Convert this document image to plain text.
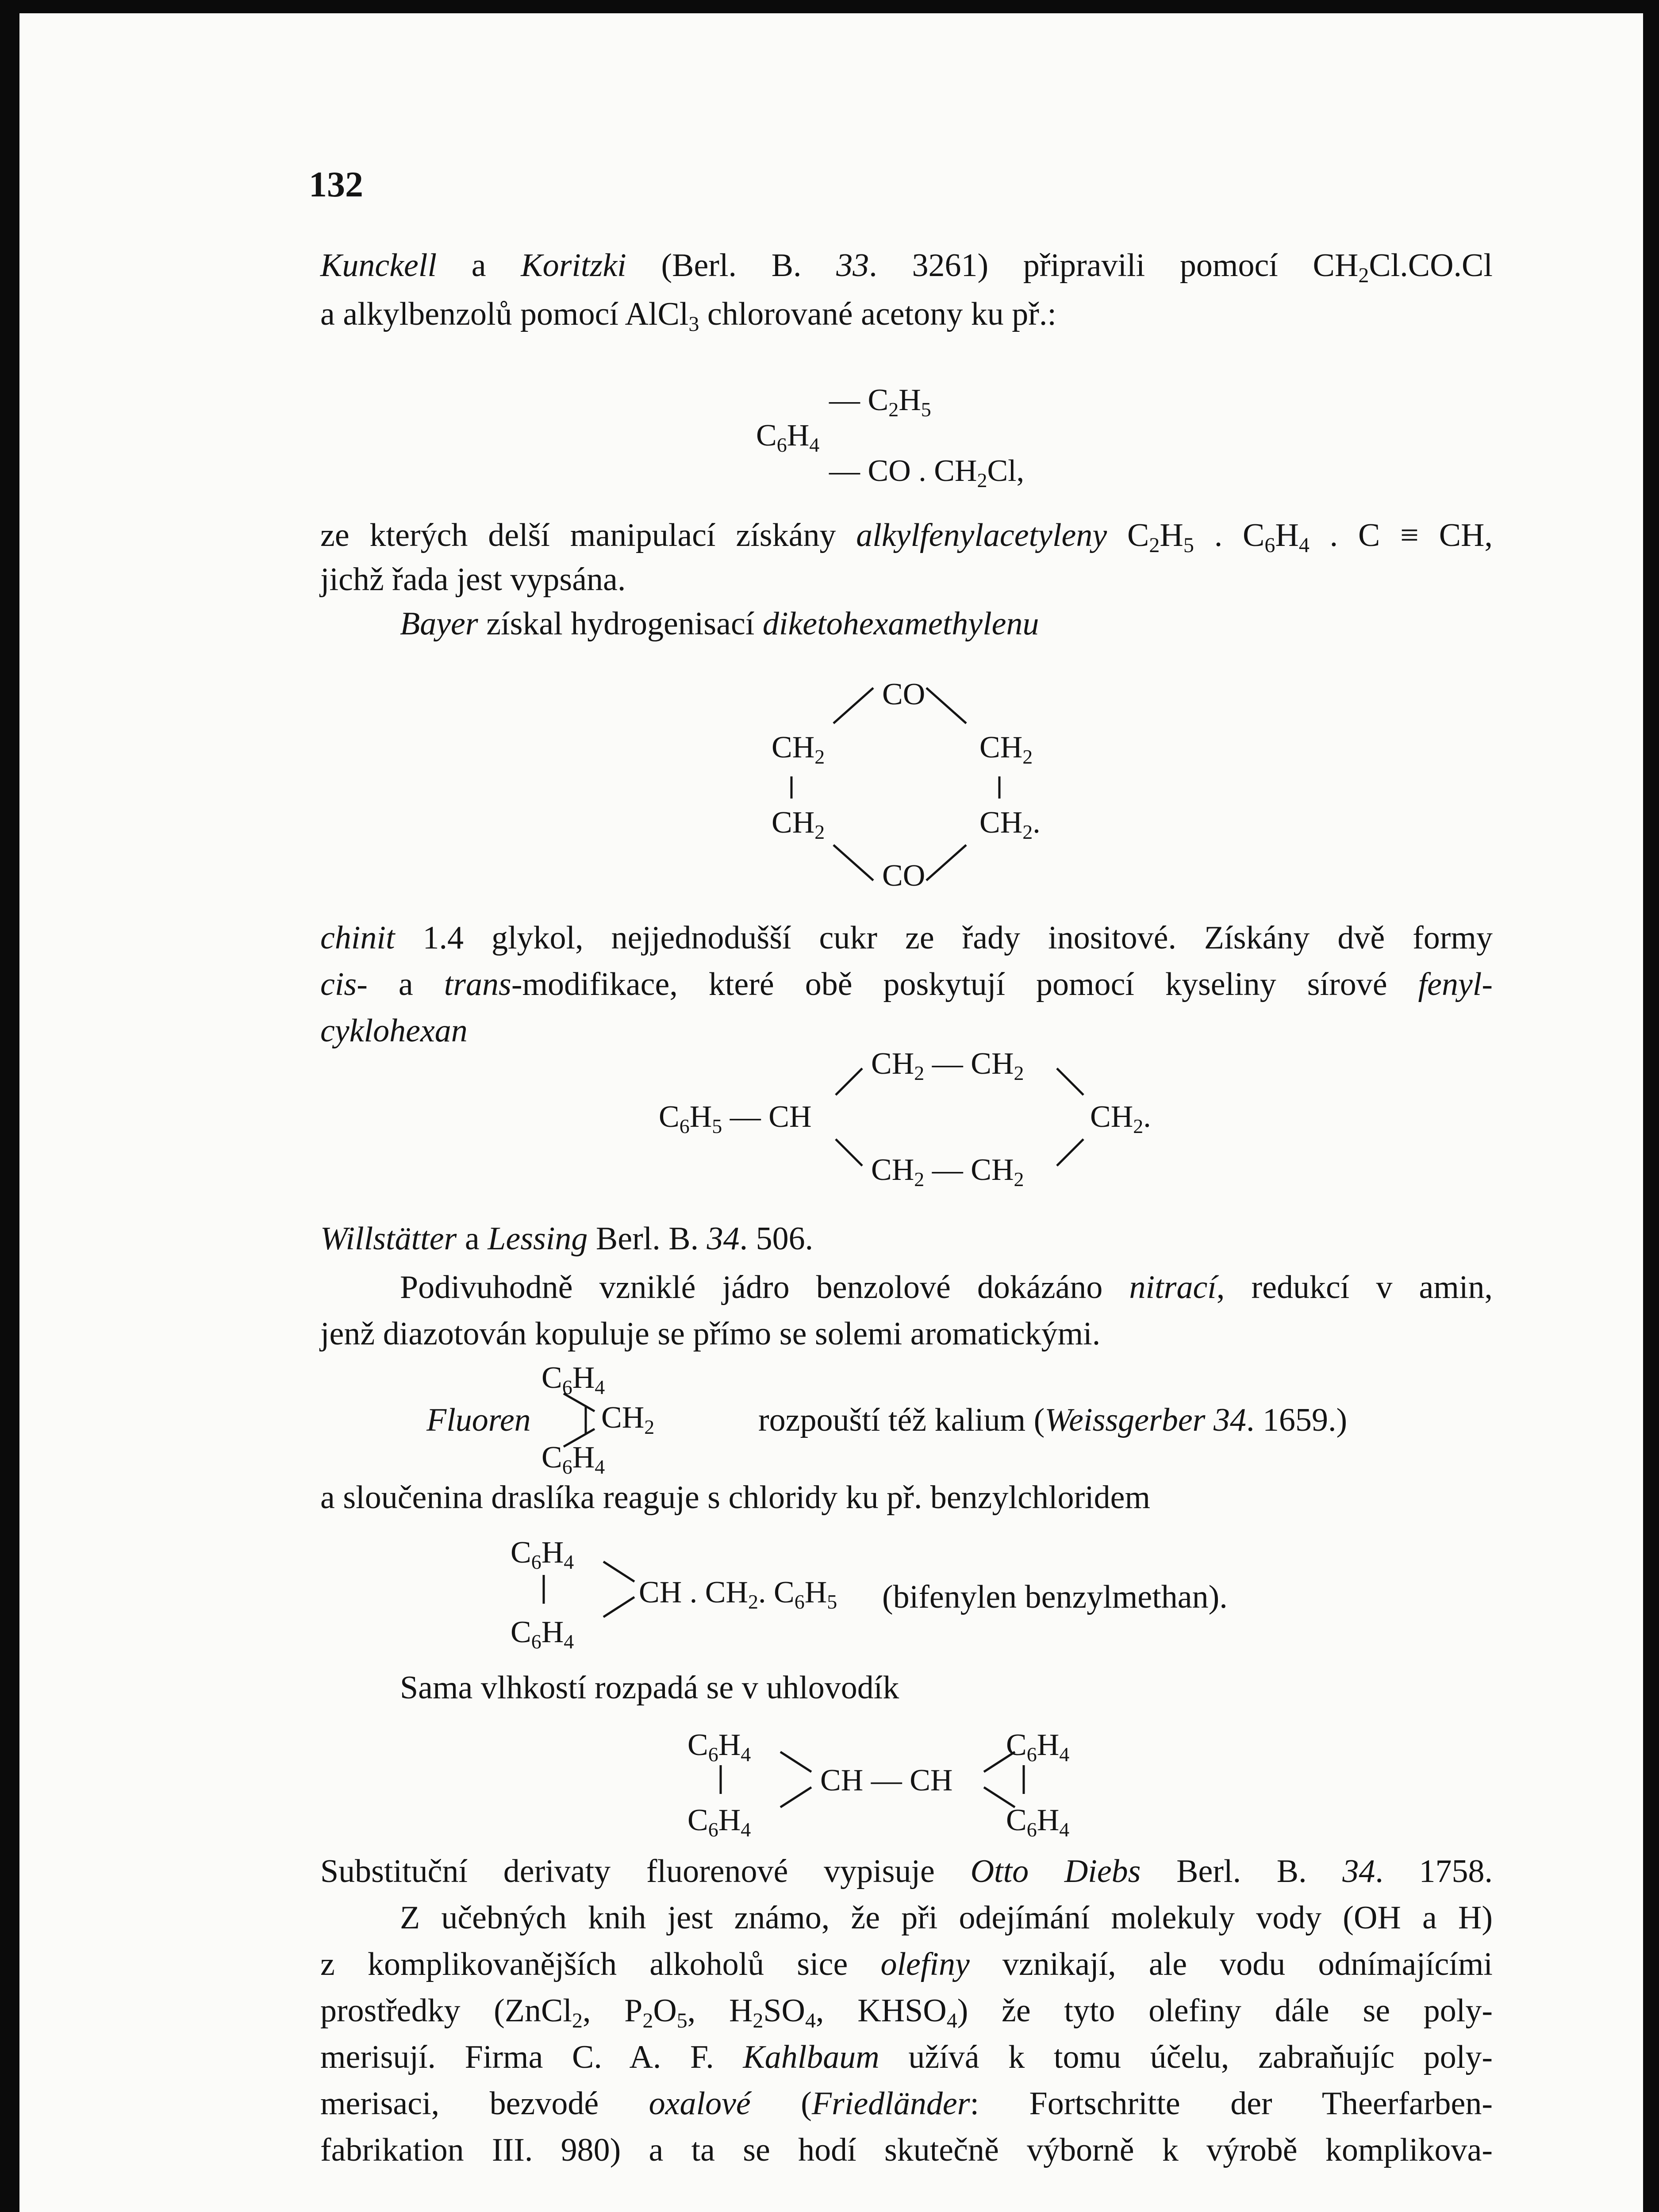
132
Kunckell a Koritzki (Berl. B. 33. 3261) připravili pomocí $CH_2Cl.CO.Cl$
a alkylbenzolů pomocí AlCl$_3$ chlorované acetony ku př.:
ze kterých delší manipulací získány alkylfenylacetyleny $C_2H_5$ . $C_6H_4$ . C ≡ CH,
jichž řada jest vypsána.
Bayer získal hydrogenisací diketohexamethylenu
chinit 1.4 glykol, nejjednodušší cukr ze řady inositové. Získány dvě formy
cis- a trans-modifikace, které obě poskytují pomocí kyseliny sírové fenyl-
cyklohexan
Willstätter a Lessing Berl. B. 34. 506.
Podivuhodně vzniklé jádro benzolové dokázáno nitrací, redukcí v amin,
jenž diazotován kopuluje se přímo se solemi aromatickými.
Fluoren	rozpouští též kalium (Weissgerber 34. 1659.)
a sloučenina draslíka reaguje s chloridy ku př. benzylchloridem
(bifenylen benzylmethan).
Sama vlhkostí rozpadá se v uhlovodík
Substituční derivaty fluorenové vypisuje Otto Diebs Berl. B. 34. 1758.
Z učebných knih jest známo, že při odejímání molekuly vody (OH a H)
z komplikovanějších alkoholů sice olefiny vznikají, ale vodu odnímajícími
prostředky (ZnCl$_2$, $P_2O_5$, $H_2SO_4$, $KHSO_4$) že tyto olefiny dále se poly-
merisují. Firma C. A. F. Kahlbaum užívá k tomu účelu, zabraňujíc poly-
merisaci, bezvodé oxalové (Friedländer: Fortschritte der Theerfarben-
fabrikation III. 980) a ta se hodí skutečně výborně k výrobě komplikova-
— $C_2H_5$
$C_6H_4$
— CO . $CH_2Cl$,
CO
$CH_2$	$CH_2$
$CH_2$	$CH_2$.
CO
$CH_2$ — $CH_2$
$C_6H_5$ — CH	$CH_2$.
$CH_2$ — $CH_2$
$C_6H_4$
$CH_2$
$C_6H_4$
$C_6H_4$
CH . $CH_2$. $C_6H_5$
$C_6H_4$
$C_6H_4$	$C_6H_4$
CH — CH
$C_6H_4$	$C_6H_4$
